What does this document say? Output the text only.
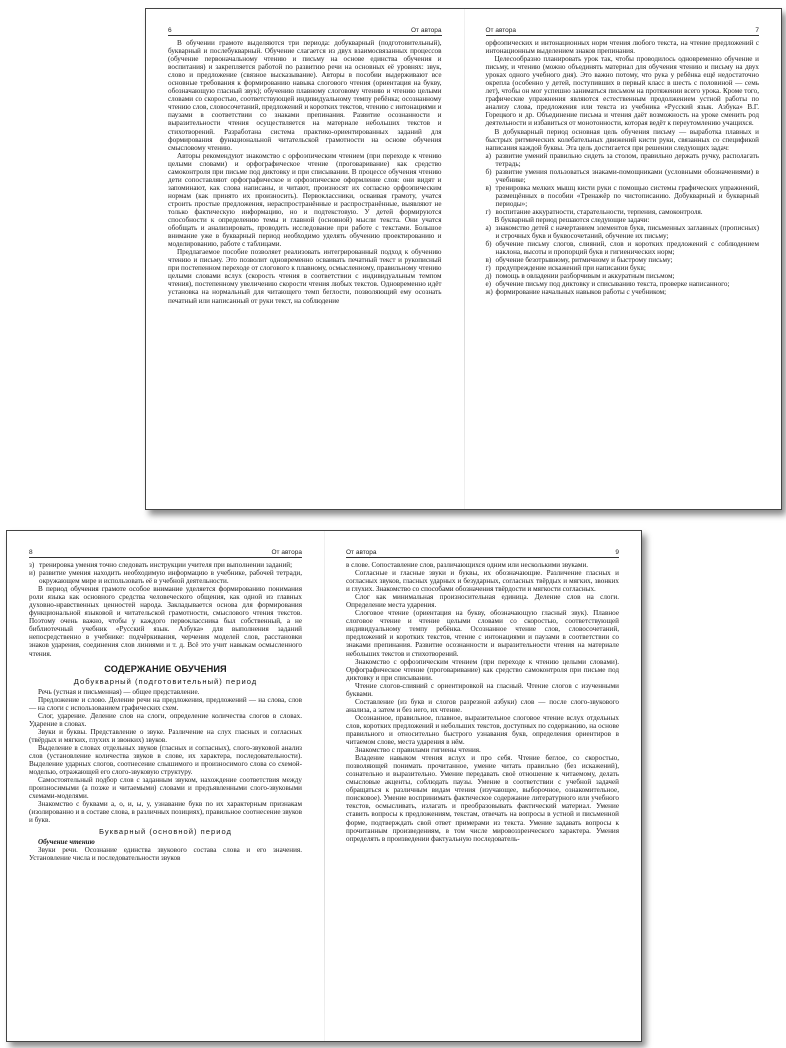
6	От автора

В обучении грамоте выделяются три периода: добукварный (подготовительный), букварный и послебукварный. Обучение слагается из двух взаимосвязанных процессов (обучение первоначальному чтению и письму на основе единства обучения и воспитания) и закрепляется работой по развитию речи на основных её уровнях: звук, слово и предложение (связное высказывание). Авторы в пособии выдерживают все основные требования к формированию навыка слогового чтения (ориентация на букву, обозначающую гласный звук); обучению плавному слоговому чтению и чтению целыми словами со скоростью, соответствующей индивидуальному темпу ребёнка; осознанному чтению слов, словосочетаний, предложений и коротких текстов, чтению с интонациями и паузами в соответствии со знаками препинания. Развитие осознанности и выразительности чтения осуществляется на материале небольших текстов и стихотворений. Разработана система практико-ориентированных заданий для формирования функциональной читательской грамотности на основе обучения смысловому чтению.

Авторы рекомендуют знакомство с орфоэпическим чтением (при переходе к чтению целыми словами) и орфографическое чтение (проговаривание) как средство самоконтроля при письме под диктовку и при списывании. В процессе обучения чтению дети сопоставляют орфографическое и орфоэпическое оформление слов: они видят и запоминают, как слова написаны, и читают, произносят их согласно орфоэпическим нормам (как принято их произносить). Первоклассники, осваивая грамоту, учатся строить простые предложения, нераспространённые и распространённые, выявляют не только фактическую информацию, но и подтекстовую. У детей формируются способности к определению темы и главной (основной) мысли текста. Они учатся обобщать и анализировать, проводить исследование при работе с текстами. Большое внимание уже в букварный период необходимо уделять обучению проектированию и моделированию, работе с таблицами.

Предлагаемое пособие позволяет реализовать интегрированный подход к обучению чтению и письму. Это позволит одновременно осваивать печатный текст и рукописный при постепенном переходе от слогового к плавному, осмысленному, правильному чтению целыми словами вслух (скорость чтения в соответствии с индивидуальным темпом чтения), постепенному увеличению скорости чтения любых текстов. Одновременно идёт установка на нормальный для читающего темп беглости, позволяющий ему осознать печатный или написанный от руки текст, на соблюдение

От автора	7

орфоэпических и интонационных норм чтения любого текста, на чтение предложений с интонационным выделением знаков препинания.

Целесообразно планировать урок так, чтобы проводилось одновременно обучение и письму, и чтению (можно объединять материал для обучения чтению и письму на двух уроках одного учебного дня). Это важно потому, что рука у ребёнка ещё недостаточно окрепла (особенно у детей, поступивших в первый класс в шесть с половиной — семь лет), чтобы он мог успешно заниматься письмом на протяжении всего урока. Кроме того, графические упражнения являются естественным продолжением устной работы по анализу слова, предложения или текста из учебника «Русский язык. Азбука» В.Г. Горецкого и др. Объединение письма и чтения даёт возможность на уроке сменить род деятельности и избавиться от монотонности, которая ведёт к переутомлению учащихся.

В добукварный период основная цель обучения письму — выработка плавных и быстрых ритмических колебательных движений кисти руки, связанных со спецификой написания каждой буквы. Эта цель достигается при решении следующих задач:

а) развитие умений правильно сидеть за столом, правильно держать ручку, располагать тетрадь;

б) развитие умения пользоваться знаками-помощниками (условными обозначениями) в учебнике;

в) тренировка мелких мышц кисти руки с помощью системы графических упражнений, размещённых в пособии «Тренажёр по чистописанию. Добукварный и букварный периоды»;

г) воспитание аккуратности, старательности, терпения, самоконтроля.

В букварный период решаются следующие задачи:

а) знакомство детей с начертанием элементов букв, письменных заглавных (прописных) и строчных букв и буквосочетаний, обучение их письму;

б) обучение письму слогов, слияний, слов и коротких предложений с соблюдением наклона, высоты и пропорций букв и гигиенических норм;

в) обучение безотрывному, ритмичному и быстрому письму;

г) предупреждение искажений при написании букв;

д) помощь в овладении разборчивым и аккуратным письмом;

е) обучение письму под диктовку и списыванию текста, проверке написанного;

ж) формирование начальных навыков работы с учебником;

8	От автора

з) тренировка умения точно следовать инструкции учителя при выполнении заданий;

и) развитие умения находить необходимую информацию в учебнике, рабочей тетради, окружающем мире и использовать её в учебной деятельности.

В период обучения грамоте особое внимание уделяется формированию понимания роли языка как основного средства человеческого общения, как одной из главных духовно-нравственных ценностей народа. Закладывается основа для формирования функциональной языковой и читательской грамотности, смыслового чтения текстов. Поэтому очень важно, чтобы у каждого первоклассника был собственный, а не библиотечный учебник «Русский язык. Азбука» для выполнения заданий непосредственно в учебнике: подчёркивания, черчения моделей слов, расстановки знаков ударения, соединения слов линиями и т. д. Всё это учит навыкам осмысленного чтения.

СОДЕРЖАНИЕ ОБУЧЕНИЯ
Добукварный (подготовительный) период

Речь (устная и письменная) — общее представление.

Предложение и слово. Деление речи на предложения, предложений — на слова, слов — на слоги с использованием графических схем.

Слог, ударение. Деление слов на слоги, определение количества слогов в словах. Ударение в словах.

Звуки и буквы. Представление о звуке. Различение на слух гласных и согласных (твёрдых и мягких, глухих и звонких) звуков.

Выделение в словах отдельных звуков (гласных и согласных), слого-звуковой анализ слов (установление количества звуков в слове, их характера, последовательности). Выделение ударных слогов, соотнесение слышимого и произносимого слова со схемой-моделью, отражающей его слого-звуковую структуру.

Самостоятельный подбор слов с заданным звуком, нахождение соответствия между произносимыми (а позже и читаемыми) словами и предъявленными слого-звуковыми схемами-моделями.

Знакомство с буквами а, о, и, ы, у, узнавание букв по их характерным признакам (изолированно и в составе слова, в различных позициях), правильное соотнесение звуков и букв.

Букварный (основной) период
Обучение чтению

Звуки речи. Осознание единства звукового состава слова и его значения. Установление числа и последовательности звуков

От автора	9

в слове. Сопоставление слов, различающихся одним или несколькими звуками.

Согласные и гласные звуки и буквы, их обозначающие. Различение гласных и согласных звуков, гласных ударных и безударных, согласных твёрдых и мягких, звонких и глухих. Знакомство со способами обозначения твёрдости и мягкости согласных.

Слог как минимальная произносительная единица. Деление слов на слоги. Определение места ударения.

Слоговое чтение (ориентация на букву, обозначающую гласный звук). Плавное слоговое чтение и чтение целыми словами со скоростью, соответствующей индивидуальному темпу ребёнка. Осознанное чтение слов, словосочетаний, предложений и коротких текстов, чтение с интонациями и паузами в соответствии со знаками препинания. Развитие осознанности и выразительности чтения на материале небольших текстов и стихотворений.

Знакомство с орфоэпическим чтением (при переходе к чтению целыми словами). Орфографическое чтение (проговаривание) как средство самоконтроля при письме под диктовку и при списывании.

Чтение слогов-слияний с ориентировкой на гласный. Чтение слогов с изученными буквами.

Составление (из букв и слогов разрезной азбуки) слов — после слого-звукового анализа, а затем и без него, их чтение.

Осознанное, правильное, плавное, выразительное слоговое чтение вслух отдельных слов, коротких предложений и небольших текстов, доступных по содержанию, на основе правильного и относительно быстрого узнавания букв, определения ориентиров в читаемом слове, места ударения в нём.

Знакомство с правилами гигиены чтения.

Владение навыком чтения вслух и про себя. Чтение беглое, со скоростью, позволяющей понимать прочитанное, умение читать правильно (без искажений), сознательно и выразительно. Умение передавать своё отношение к читаемому, делать смысловые акценты, соблюдать паузы. Умение в соответствии с учебной задачей обращаться к различным видам чтения (изучающее, выборочное, ознакомительное, поисковое). Умение воспринимать фактическое содержание литературного или учебного текстов, осмысливать, излагать и преобразовывать фактический материал. Умение ставить вопросы к предложениям, текстам, отвечать на вопросы в устной и письменной форме, подтверждать свой ответ примерами из текста. Умение задавать вопросы к прочитанным произведениям, в том числе мировоззренческого характера. Умения определять в произведении фактуальную последователь-
